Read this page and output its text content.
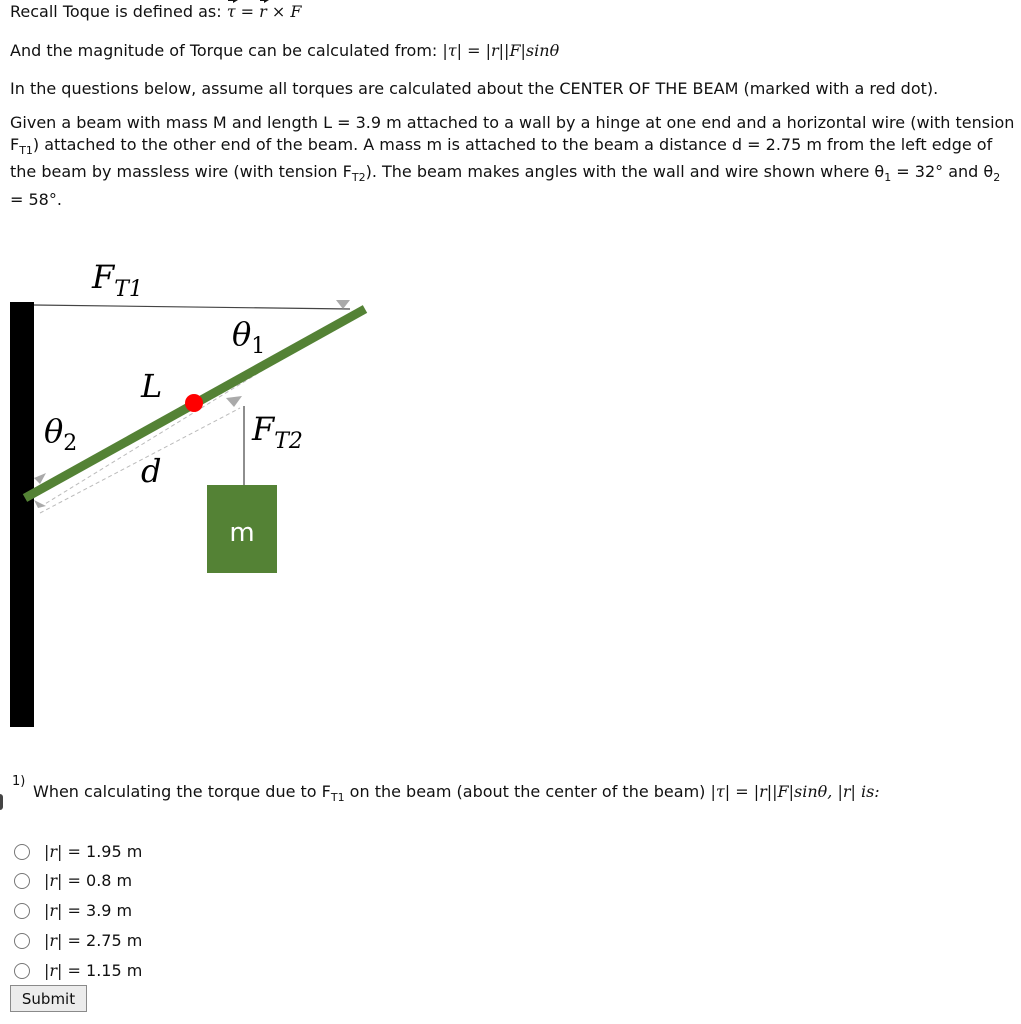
Recall Toque is defined as: τ = r × F
And the magnitude of Torque can be calculated from: |τ| = |r||F|sinθ
In the questions below, assume all torques are calculated about the CENTER OF THE BEAM (marked with a red dot).
Given a beam with mass M and length L = 3.9 m attached to a wall by a hinge at one end and a horizontal wire (with tension $F_{T1}$) attached to the other end of the beam. A mass m is attached to the beam a distance d = 2.75 m from the left edge of the beam by massless wire (with tension $F_{T2}$). The beam makes angles with the wall and wire shown where $\theta_1 = 32^\circ$ and $\theta_2 = 58^\circ$.
m
$F_{T1}$
$\theta_1$
L
$\theta_2$	$F_{T2}$
d
1)
When calculating the torque due to $F_{T1}$ on the beam (about the center of the beam) |τ| = |r||F|sinθ, |r| is:
|r| =
1.95 m
|r| =
0.8 m
|r| =
3.9 m
|r| =
2.75 m
|r| =
1.15 m
Submit
